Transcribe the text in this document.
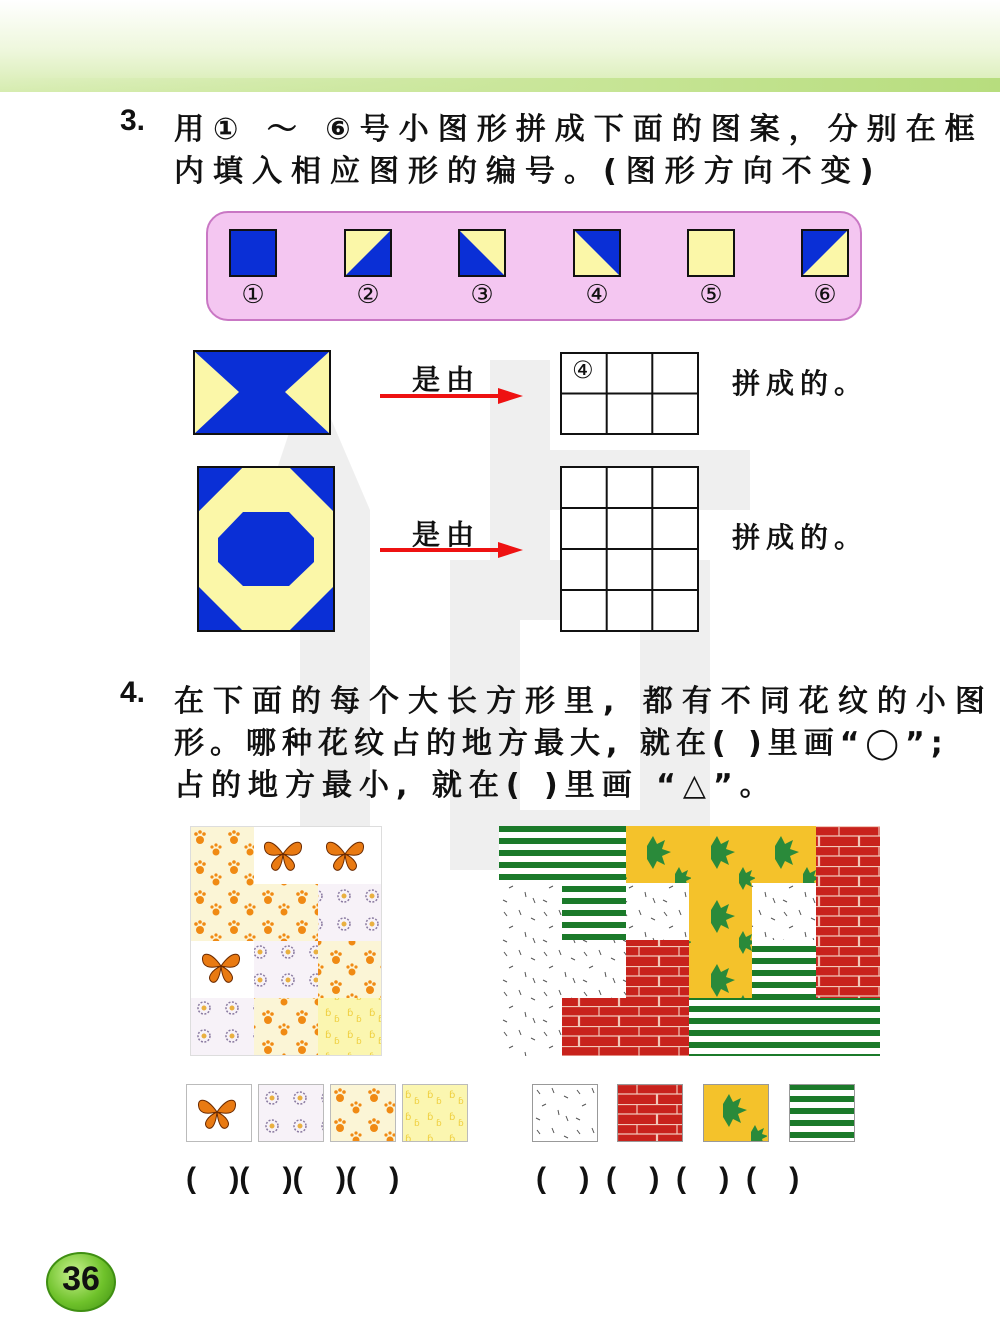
3. 用① ～ ⑥号小图形拼成下面的图案，分别在框
内填入相应图形的编号。(图形方向不变)
①	②	③	④	⑤	⑥
是由	④	拼成的。
是由	拼成的。
4. 在下面的每个大长方形里, 都有不同花纹的小图
形。哪种花纹占的地方最大, 就在( )里画“◯”;
占的地方最小, 就在( )里画 “△”。
(    )(    )(    )(    )	(    )  (    )  (    )  (    )
36
